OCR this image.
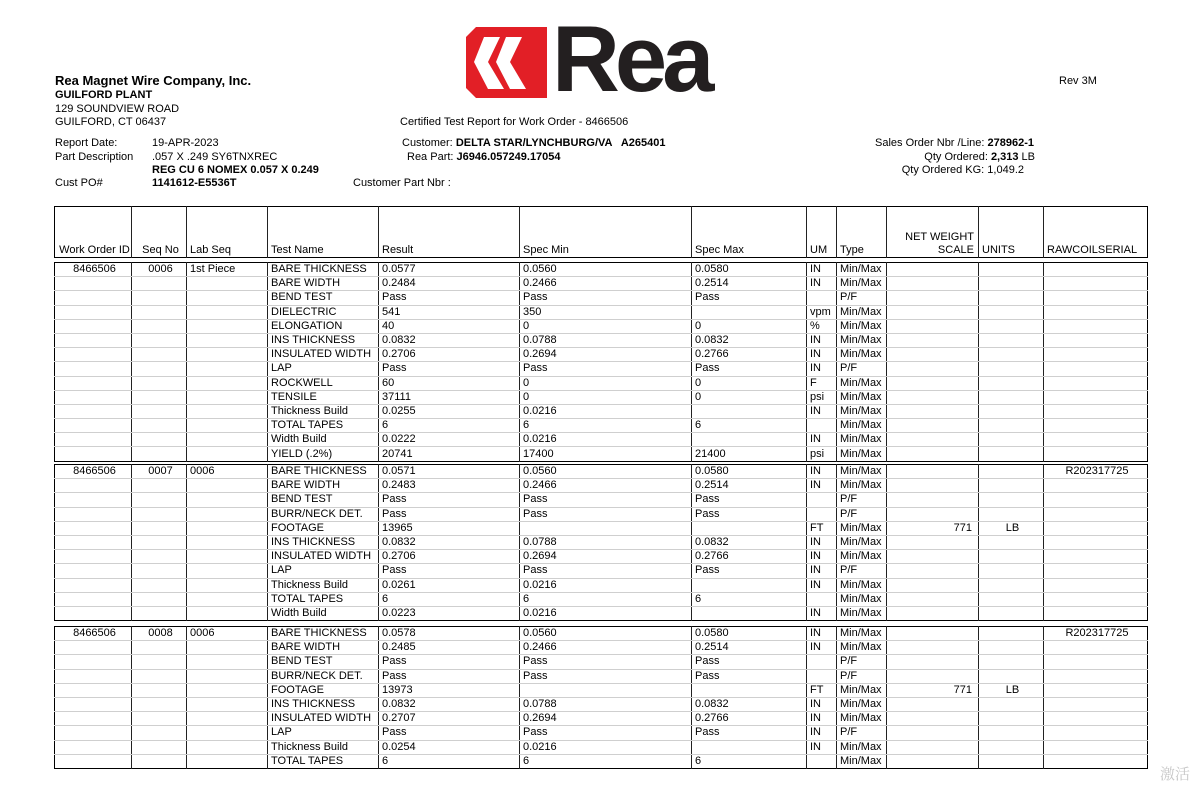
Rea
Rea Magnet Wire Company, Inc.
GUILFORD PLANT
129 SOUNDVIEW ROAD
GUILFORD, CT 06437
Rev 3M
Certified Test Report for Work Order - 8466506
Report Date:	19-APR-2023
Part Description .057 X .249 SY6TNXREC
REG CU 6 NOMEX 0.057 X 0.249
Cust PO#	1141612-E5536T
Customer: DELTA STAR/LYNCHBURG/VA   A265401
Rea Part: J6946.057249.17054
Customer Part Nbr :
Sales Order Nbr /Line: 278962-1
Qty Ordered: 2,313 LB
Qty Ordered KG: 1,049.2
Work Order ID	Seq No	Lab Seq	Test Name	Result	Spec Min	Spec Max	UM	Type	NET WEIGHT SCALE	UNITS	RAWCOILSERIAL
8466506	0006	1st Piece	BARE THICKNESS	0.0577	0.0560	0.0580	IN	Min/Max			
			BARE WIDTH	0.2484	0.2466	0.2514	IN	Min/Max			
			BEND TEST	Pass	Pass	Pass		P/F			
			DIELECTRIC	541	350		vpm	Min/Max			
			ELONGATION	40	0	0	%	Min/Max			
			INS THICKNESS	0.0832	0.0788	0.0832	IN	Min/Max			
			INSULATED WIDTH	0.2706	0.2694	0.2766	IN	Min/Max			
			LAP	Pass	Pass	Pass	IN	P/F			
			ROCKWELL	60	0	0	F	Min/Max			
			TENSILE	37111	0	0	psi	Min/Max			
			Thickness Build	0.0255	0.0216		IN	Min/Max			
			TOTAL TAPES	6	6	6		Min/Max			
			Width Build	0.0222	0.0216		IN	Min/Max			
			YIELD (.2%)	20741	17400	21400	psi	Min/Max			
8466506	0007	0006	BARE THICKNESS	0.0571	0.0560	0.0580	IN	Min/Max			R202317725
			BARE WIDTH	0.2483	0.2466	0.2514	IN	Min/Max			
			BEND TEST	Pass	Pass	Pass		P/F			
			BURR/NECK DET.	Pass	Pass	Pass		P/F			
			FOOTAGE	13965			FT	Min/Max	771	LB	
			INS THICKNESS	0.0832	0.0788	0.0832	IN	Min/Max			
			INSULATED WIDTH	0.2706	0.2694	0.2766	IN	Min/Max			
			LAP	Pass	Pass	Pass	IN	P/F			
			Thickness Build	0.0261	0.0216		IN	Min/Max			
			TOTAL TAPES	6	6	6		Min/Max			
			Width Build	0.0223	0.0216		IN	Min/Max			
8466506	0008	0006	BARE THICKNESS	0.0578	0.0560	0.0580	IN	Min/Max			R202317725
			BARE WIDTH	0.2485	0.2466	0.2514	IN	Min/Max			
			BEND TEST	Pass	Pass	Pass		P/F			
			BURR/NECK DET.	Pass	Pass	Pass		P/F			
			FOOTAGE	13973			FT	Min/Max	771	LB	
			INS THICKNESS	0.0832	0.0788	0.0832	IN	Min/Max			
			INSULATED WIDTH	0.2707	0.2694	0.2766	IN	Min/Max			
			LAP	Pass	Pass	Pass	IN	P/F			
			Thickness Build	0.0254	0.0216		IN	Min/Max			
			TOTAL TAPES	6	6	6		Min/Max			
激活
